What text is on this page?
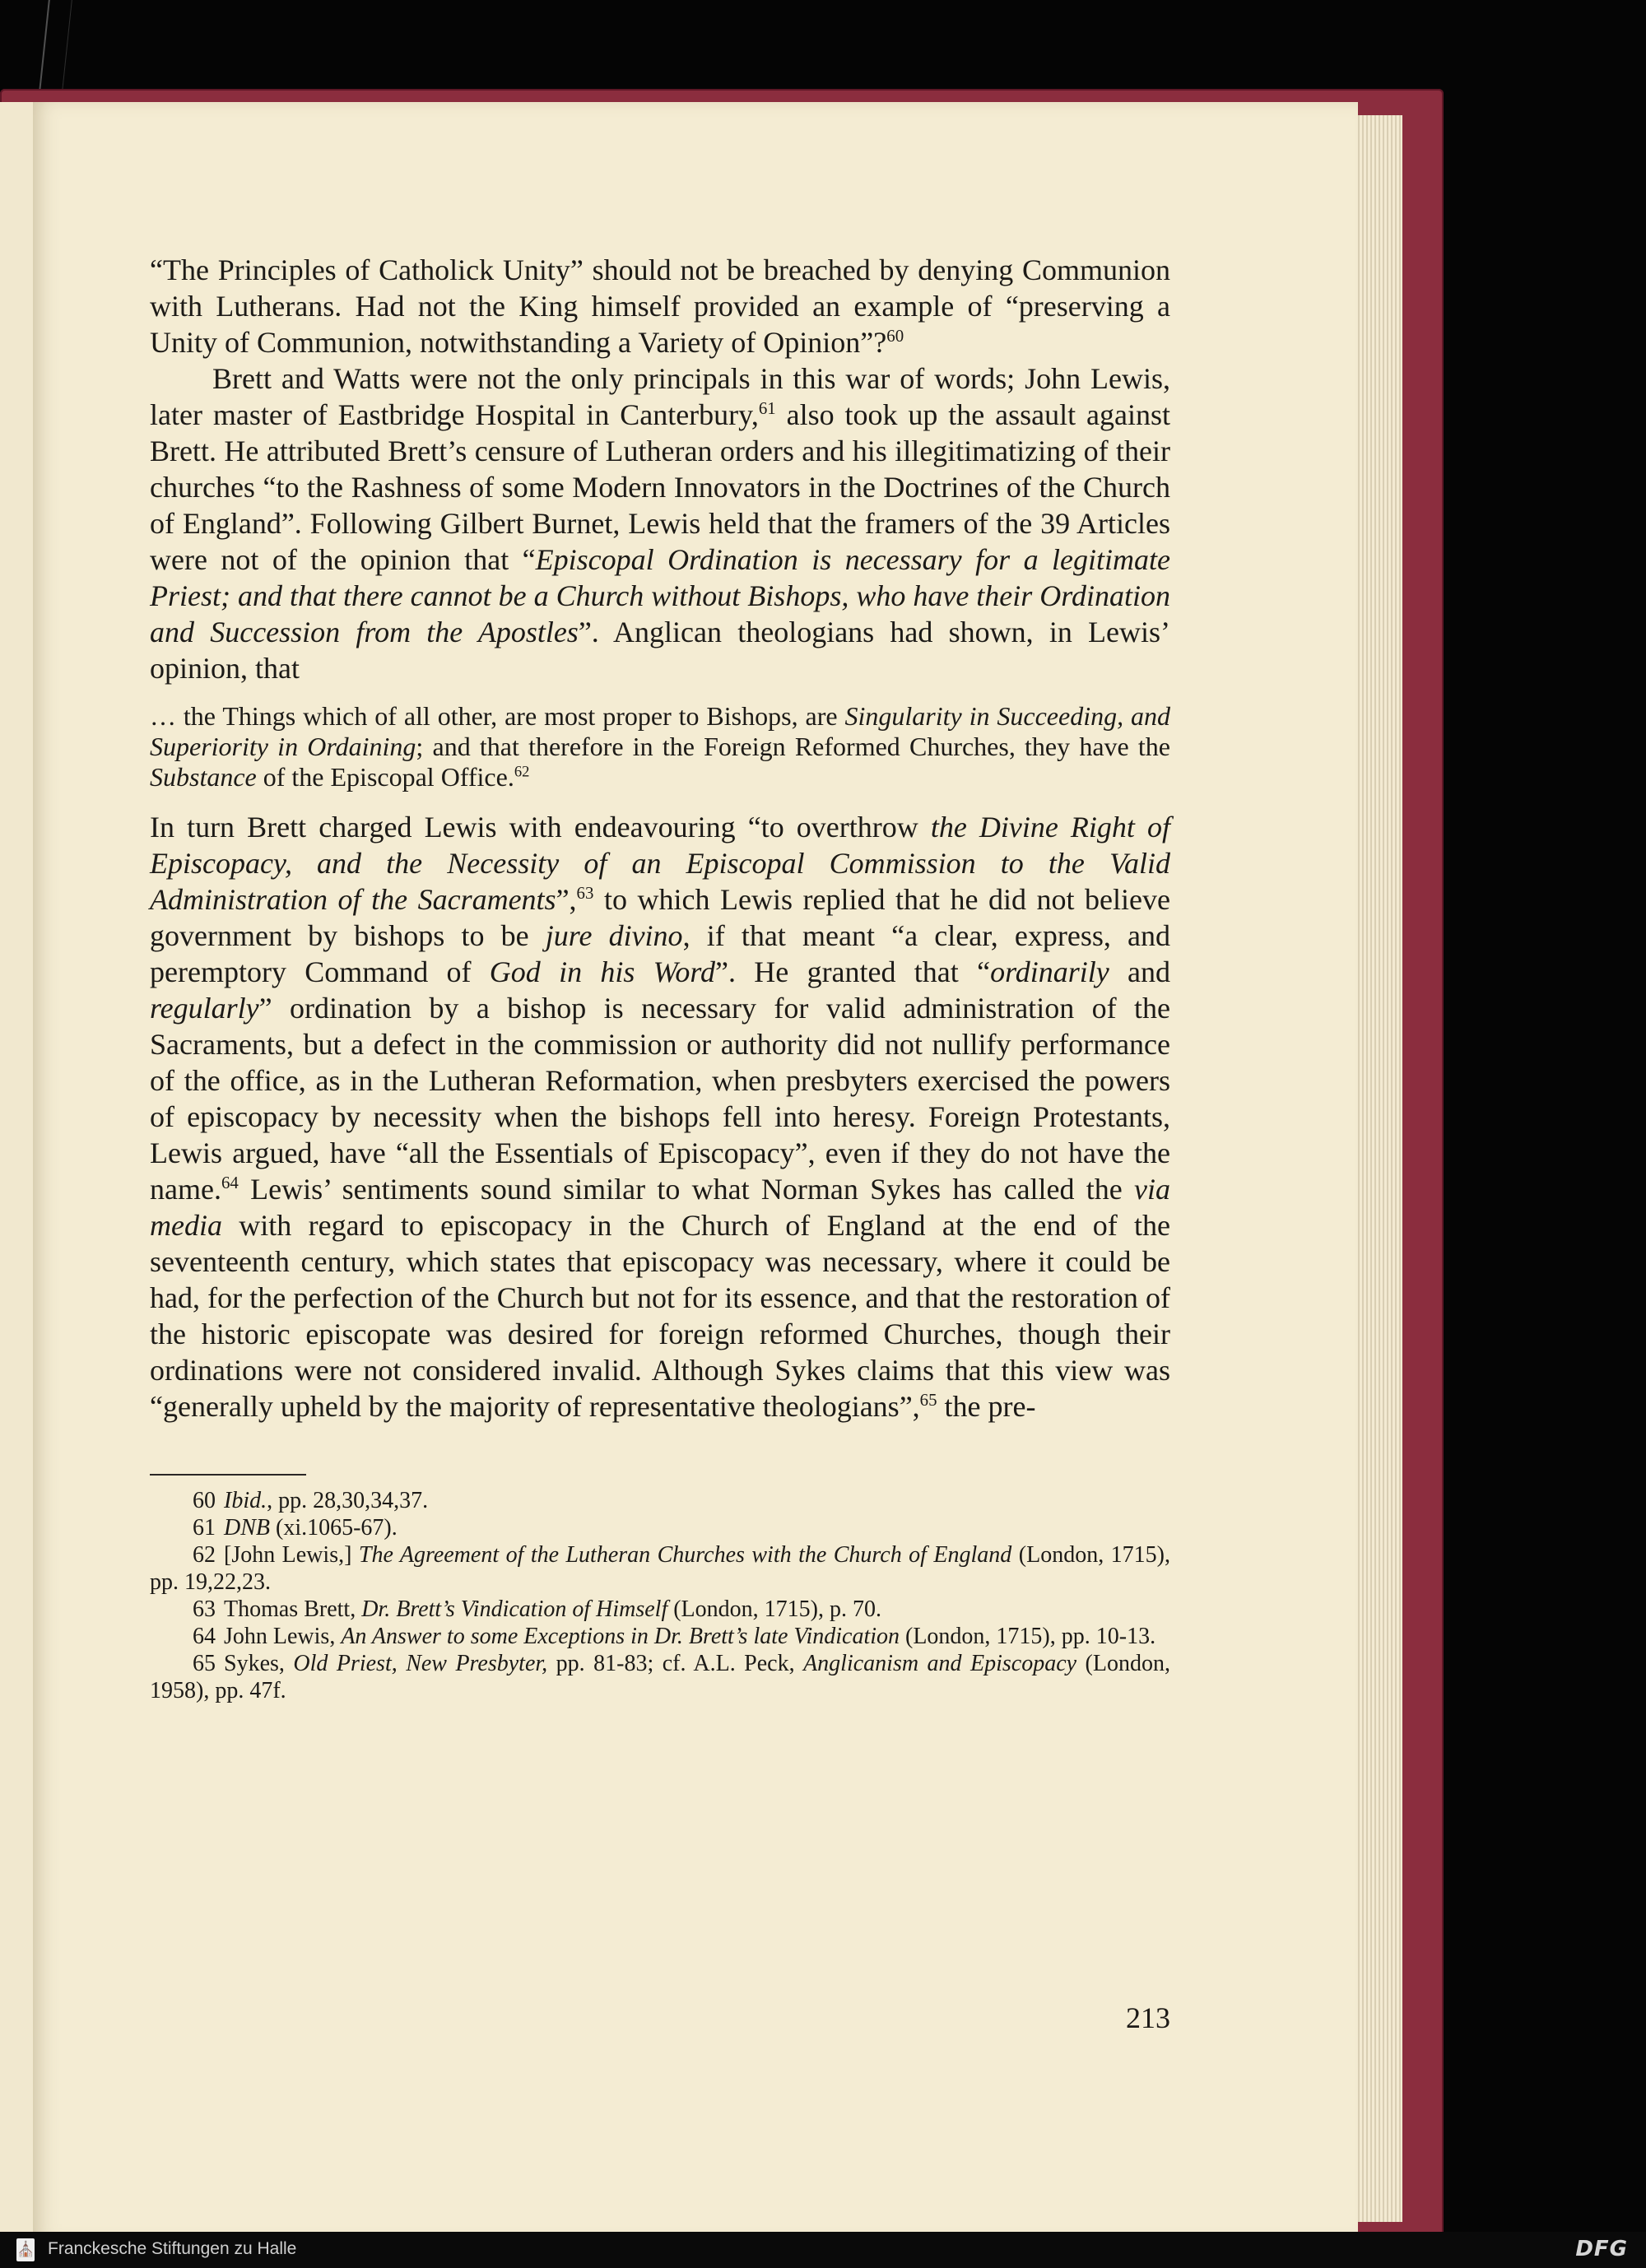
“The Principles of Catholick Unity” should not be breached by denying Communion with Lutherans. Had not the King himself provided an example of “preserving a Unity of Communion, notwithstanding a Variety of Opinion”?$^{60}$

Brett and Watts were not the only principals in this war of words; John Lewis, later master of Eastbridge Hospital in Canterbury,$^{61}$ also took up the assault against Brett. He attributed Brett’s censure of Lutheran orders and his illegitimatizing of their churches “to the Rashness of some Modern Innovators in the Doctrines of the Church of England”. Following Gilbert Burnet, Lewis held that the framers of the 39 Articles were not of the opinion that “Episcopal Ordination is necessary for a legitimate Priest; and that there cannot be a Church without Bishops, who have their Ordination and Succession from the Apostles”. Anglican theologians had shown, in Lewis’ opinion, that

… the Things which of all other, are most proper to Bishops, are Singularity in Succeeding, and Superiority in Ordaining; and that therefore in the Foreign Reformed Churches, they have the Substance of the Episcopal Office.$^{62}$

In turn Brett charged Lewis with endeavouring “to overthrow the Divine Right of Episcopacy, and the Necessity of an Episcopal Commission to the Valid Administration of the Sacraments”,$^{63}$ to which Lewis replied that he did not believe government by bishops to be jure divino, if that meant “a clear, express, and peremptory Command of God in his Word”. He granted that “ordinarily and regularly” ordination by a bishop is necessary for valid administration of the Sacraments, but a defect in the commission or authority did not nullify performance of the office, as in the Lutheran Reformation, when presbyters exercised the powers of episcopacy by necessity when the bishops fell into heresy. Foreign Protestants, Lewis argued, have “all the Essentials of Episcopacy”, even if they do not have the name.$^{64}$ Lewis’ sentiments sound similar to what Norman Sykes has called the via media with regard to episcopacy in the Church of England at the end of the seventeenth century, which states that episcopacy was necessary, where it could be had, for the perfection of the Church but not for its essence, and that the restoration of the historic episcopate was desired for foreign reformed Churches, though their ordinations were not considered invalid. Although Sykes claims that this view was “generally upheld by the majority of representative theologians”,$^{65}$ the pre-

60 Ibid., pp. 28,30,34,37.

61 DNB (xi.1065-67).

62 [John Lewis,] The Agreement of the Lutheran Churches with the Church of England (London, 1715), pp. 19,22,23.

63 Thomas Brett, Dr. Brett’s Vindication of Himself (London, 1715), p. 70.

64 John Lewis, An Answer to some Exceptions in Dr. Brett’s late Vindication (London, 1715), pp. 10-13.

65 Sykes, Old Priest, New Presbyter, pp. 81-83; cf. A.L. Peck, Anglicanism and Episcopacy (London, 1958), pp. 47f.

213
⛪ Franckesche Stiftungen zu Halle	DFG
